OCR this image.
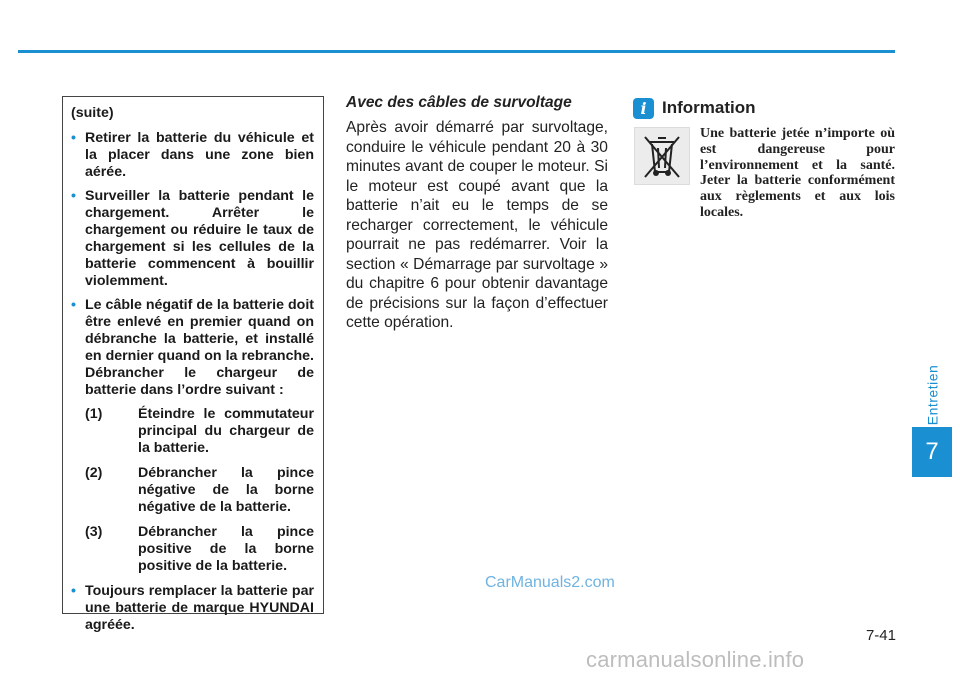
(suite)

• Retirer la batterie du véhicule et la placer dans une zone bien aérée.
• Surveiller la batterie pendant le chargement. Arrêter le chargement ou réduire le taux de chargement si les cellules de la batterie commencent à bouillir violemment.
• Le câble négatif de la batterie doit être enlevé en premier quand on débranche la batterie, et installé en dernier quand on la rebranche. Débrancher le chargeur de batterie dans l’ordre suivant :
(1)	Éteindre le commutateur principal du chargeur de la batterie.
(2)	Débrancher la pince négative de la borne négative de la batterie.
(3)	Débrancher la pince positive de la borne positive de la batterie.
• Toujours remplacer la batterie par une batterie de marque HYUNDAI agréée.
Avec des câbles de survoltage
Après avoir démarré par survoltage, conduire le véhicule pendant 20 à 30 minutes avant de couper le moteur. Si le moteur est coupé avant que la batterie n’ait eu le temps de se recharger correctement, le véhicule pourrait ne pas redémarrer. Voir la section « Démarrage par survoltage » du chapitre 6 pour obtenir davantage de précisions sur la façon d’effectuer cette opération.
i Information
Une batterie jetée n’importe où est dangereuse pour l’environnement et la santé. Jeter la batterie conformément aux règlements et aux lois locales.
Entretien
7
7-41
CarManuals2.com
carmanualsonline.info
